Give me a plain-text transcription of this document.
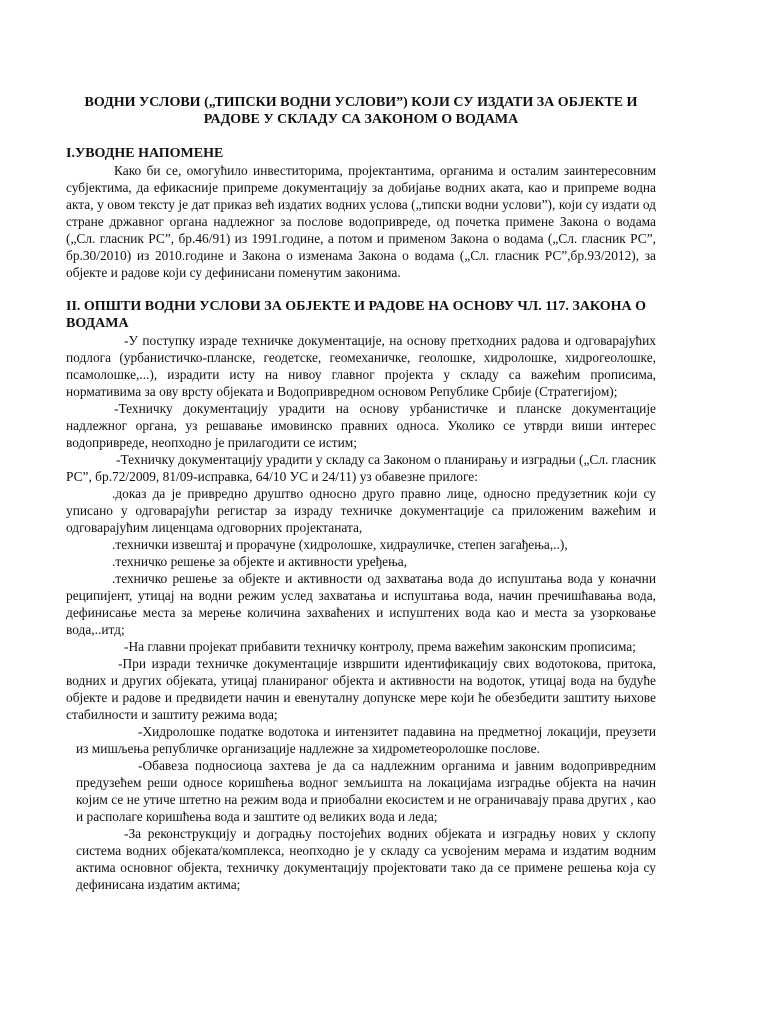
ВОДНИ УСЛОВИ („ТИПСКИ ВОДНИ УСЛОВИ”) КОЈИ СУ ИЗДАТИ ЗА ОБЈЕКТЕ И
РАДОВЕ У СКЛАДУ СА ЗАКОНОМ О ВОДАМА
I.УВОДНЕ НАПОМЕНЕ

Како би се, омогућило инвеститорима, пројектантима, органима и осталим заинтересовним субјектима, да ефикасније припреме документацију за добијање водних аката, као и припреме водна акта, у овом тексту је дат приказ већ издатих водних услова („типски водни услови”), који су издати од стране државног органа надлежног за послове водопривреде, од почетка примене Закона о водама („Сл. гласник РС”, бр.46/91) из 1991.године, а потом и применом Закона о водама („Сл. гласник РС”, бр.30/2010) из 2010.године и Закона о изменама Закона о водама („Сл. гласник РС”,бр.93/2012), за објекте и радове који су дефинисани поменутим законима.

II. ОПШТИ ВОДНИ УСЛОВИ ЗА ОБЈЕКТЕ И РАДОВЕ НА ОСНОВУ ЧЛ. 117. ЗАКОНА О ВОДАМА

-У поступку израде техничке документације, на основу претходних радова и одговарајућих подлога (урбанистичко-планске, геодетске, геомеханичке, геолошке, хидролошке, хидрогеолошке, псамолошке,...), израдити исту на нивоу главног пројекта у складу са важећим прописима, нормативима за ову врсту објеката и Водопривредном основом Републике Србије (Стратегијом);

-Техничку документацију урадити на основу урбанистичке и планске документације надлежног органа, уз решавање имовинско правних односа. Уколико се утврди виши интерес водопривреде, неопходно је прилагодити се истим;

-Техничку документацију урадити у складу са Законом о планирању и изградњи („Сл. гласник РС”, бр.72/2009, 81/09-исправка, 64/10 УС и 24/11) уз обавезне прилоге:

.доказ да је привредно друштво односно друго правно лице, односно предузетник који су уписано у одговарајући регистар за израду техничке документације са приложеним важећим и одговарајућим лиценцама одговорних пројектаната,

.технички извештај и прорачуне (хидролошке, хидрауличке, степен загађења,..),

.техничко решење за објекте и активности уређења,

.техничко решење за објекте и активности од захватања вода до испуштања вода у коначни реципијент, утицај на водни режим услед захватања и испуштања вода, начин пречишћавања вода, дефинисање места за мерење количина захваћених и испуштених вода као и места за узорковање вода,..итд;

-На главни пројекат прибавити техничку контролу, према важећим законским прописима;

-При изради техничке документације извршити идентификацију свих водотокова, притока, водних и других објеката, утицај планираног објекта и активности на водоток, утицај вода на будуће објекте и радове и предвидети начин и евенуталну допунске мере који ће обезбедити заштиту њихове стабилности и заштиту режима вода;

-Хидролошке податке водотока и интензитет падавина на предметној локацији, преузети из мишљења републичке организације надлежне за хидрометеоролошке послове.

-Обавеза подносиоца захтева је да са надлежним органима и јавним водопривредним предузећем реши односе коришћења водног земљишта на локацијама изградње објекта на начин којим се не утиче штетно на режим вода и приобални екосистем и не ограничавају права других , као и располаге коришћења вода и заштите од великих вода и леда;

-За реконструкцију и доградњу постојећих водних објеката и изградњу нових у склопу система водних објеката/комплекса, неопходно је у складу са усвојеним мерама и издатим водним актима основног објекта, техничку документацију пројектовати тако да се примене решења која су дефинисана издатим актима;
